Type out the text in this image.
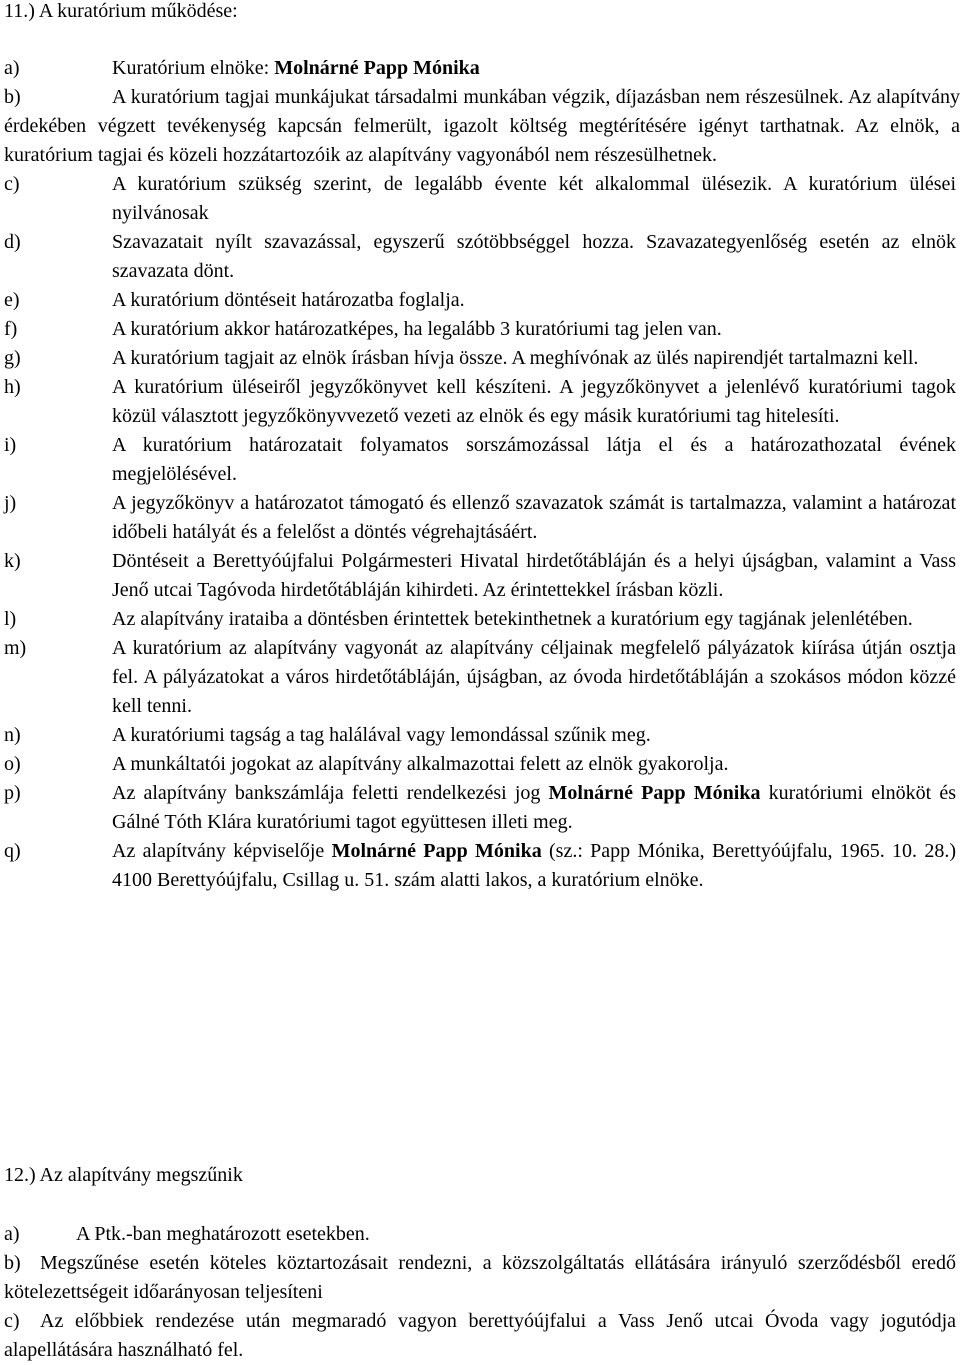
11.) A kuratórium működése:
a)	Kuratórium elnöke: Molnárné Papp Mónika
b)	A kuratórium tagjai munkájukat társadalmi munkában végzik, díjazásban nem részesülnek. Az alapítvány érdekében végzett tevékenység kapcsán felmerült, igazolt költség megtérítésére igényt tarthatnak. Az elnök, a kuratórium tagjai és közeli hozzátartozóik az alapítvány vagyonából nem részesülhetnek.
c)	A kuratórium szükség szerint, de legalább évente két alkalommal ülésezik. A kuratórium ülései nyilvánosak
d)	Szavazatait nyílt szavazással, egyszerű szótöbbséggel hozza. Szavazategyenlőség esetén az elnök szavazata dönt.
e)	A kuratórium döntéseit határozatba foglalja.
f)	A kuratórium akkor határozatképes, ha legalább 3 kuratóriumi tag jelen van.
g)	A kuratórium tagjait az elnök írásban hívja össze. A meghívónak az ülés napirendjét tartalmazni kell.
h)	A kuratórium üléseiről jegyzőkönyvet kell készíteni. A jegyzőkönyvet a jelenlévő kuratóriumi tagok közül választott jegyzőkönyvvezető vezeti az elnök és egy másik kuratóriumi tag hitelesíti.
i)	A kuratórium határozatait folyamatos sorszámozással látja el és a határozathozatal évének megjelölésével.
j)	A jegyzőkönyv a határozatot támogató és ellenző szavazatok számát is tartalmazza, valamint a határozat időbeli hatályát és a felelőst a döntés végrehajtásáért.
k)	Döntéseit a Berettyóújfalui Polgármesteri Hivatal hirdetőtábláján és a helyi újságban, valamint a Vass Jenő utcai Tagóvoda hirdetőtábláján kihirdeti. Az érintettekkel írásban közli.
l)	Az alapítvány irataiba a döntésben érintettek betekinthetnek a kuratórium egy tagjának jelenlétében.
m)	A kuratórium az alapítvány vagyonát az alapítvány céljainak megfelelő pályázatok kiírása útján osztja fel. A pályázatokat a város hirdetőtábláján, újságban, az óvoda hirdetőtábláján a szokásos módon közzé kell tenni.
n)	A kuratóriumi tagság a tag halálával vagy lemondással szűnik meg.
o)	A munkáltatói jogokat az alapítvány alkalmazottai felett az elnök gyakorolja.
p)	Az alapítvány bankszámlája feletti rendelkezési jog Molnárné Papp Mónika kuratóriumi elnököt és Gálné Tóth Klára kuratóriumi tagot együttesen illeti meg.
q)	Az alapítvány képviselője Molnárné Papp Mónika (sz.: Papp Mónika, Berettyóújfalu, 1965. 10. 28.) 4100 Berettyóújfalu, Csillag u. 51. szám alatti lakos, a kuratórium elnöke.
12.) Az alapítvány megszűnik
a)	A Ptk.-ban meghatározott esetekben.
b) Megszűnése esetén köteles köztartozásait rendezni, a közszolgáltatás ellátására irányuló szerződésből eredő kötelezettségeit időarányosan teljesíteni
c) Az előbbiek rendezése után megmaradó vagyon berettyóújfalui a Vass Jenő utcai Óvoda vagy jogutódja alapellátására használható fel.
